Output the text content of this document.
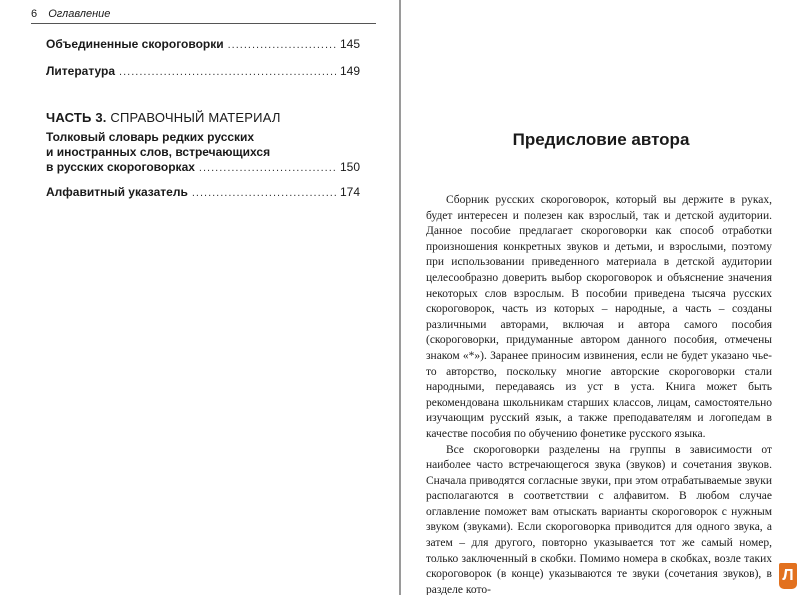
6 Оглавление
Объединенные скороговорки .....	145
Литература .....	149
ЧАСТЬ 3. СПРАВОЧНЫЙ МАТЕРИАЛ
Толковый словарь редких русских
и иностранных слов, встречающихся
в русских скороговорках .....	150
Алфавитный указатель .....	174
Предисловие автора

Сборник русских скороговорок, который вы держите в руках, будет интересен и полезен как взрослый, так и детской аудитории. Данное пособие предлагает скороговорки как способ отработки произношения конкретных звуков и детьми, и взрослыми, поэтому при использовании приведенного материала в детской аудитории целесообразно доверить выбор скороговорок и объяснение значения некоторых слов взрослым. В пособии приведена тысяча русских скороговорок, часть из которых – народные, а часть – созданы различными авторами, включая и автора самого пособия (скороговорки, придуманные автором данного пособия, отмечены знаком «*»). Заранее приносим извинения, если не будет указано чье-то авторство, поскольку многие авторские скороговорки стали народными, передаваясь из уст в уста. Книга может быть рекомендована школьникам старших классов, лицам, самостоятельно изучающим русский язык, а также преподавателям и логопедам в качестве пособия по обучению фонетике русского языка.

Все скороговорки разделены на группы в зависимости от наиболее часто встречающегося звука (звуков) и сочетания звуков. Сначала приводятся согласные звуки, при этом отрабатываемые звуки располагаются в соответствии с алфавитом. В любом случае оглавление поможет вам отыскать варианты скороговорок с нужным звуком (звуками). Если скороговорка приводится для одного звука, а затем – для другого, повторно указывается тот же самый номер, только заключенный в скобки. Помимо номера в скобках, возле таких скороговорок (в конце) указываются те звуки (сочетания звуков), в разделе кото-

Л
